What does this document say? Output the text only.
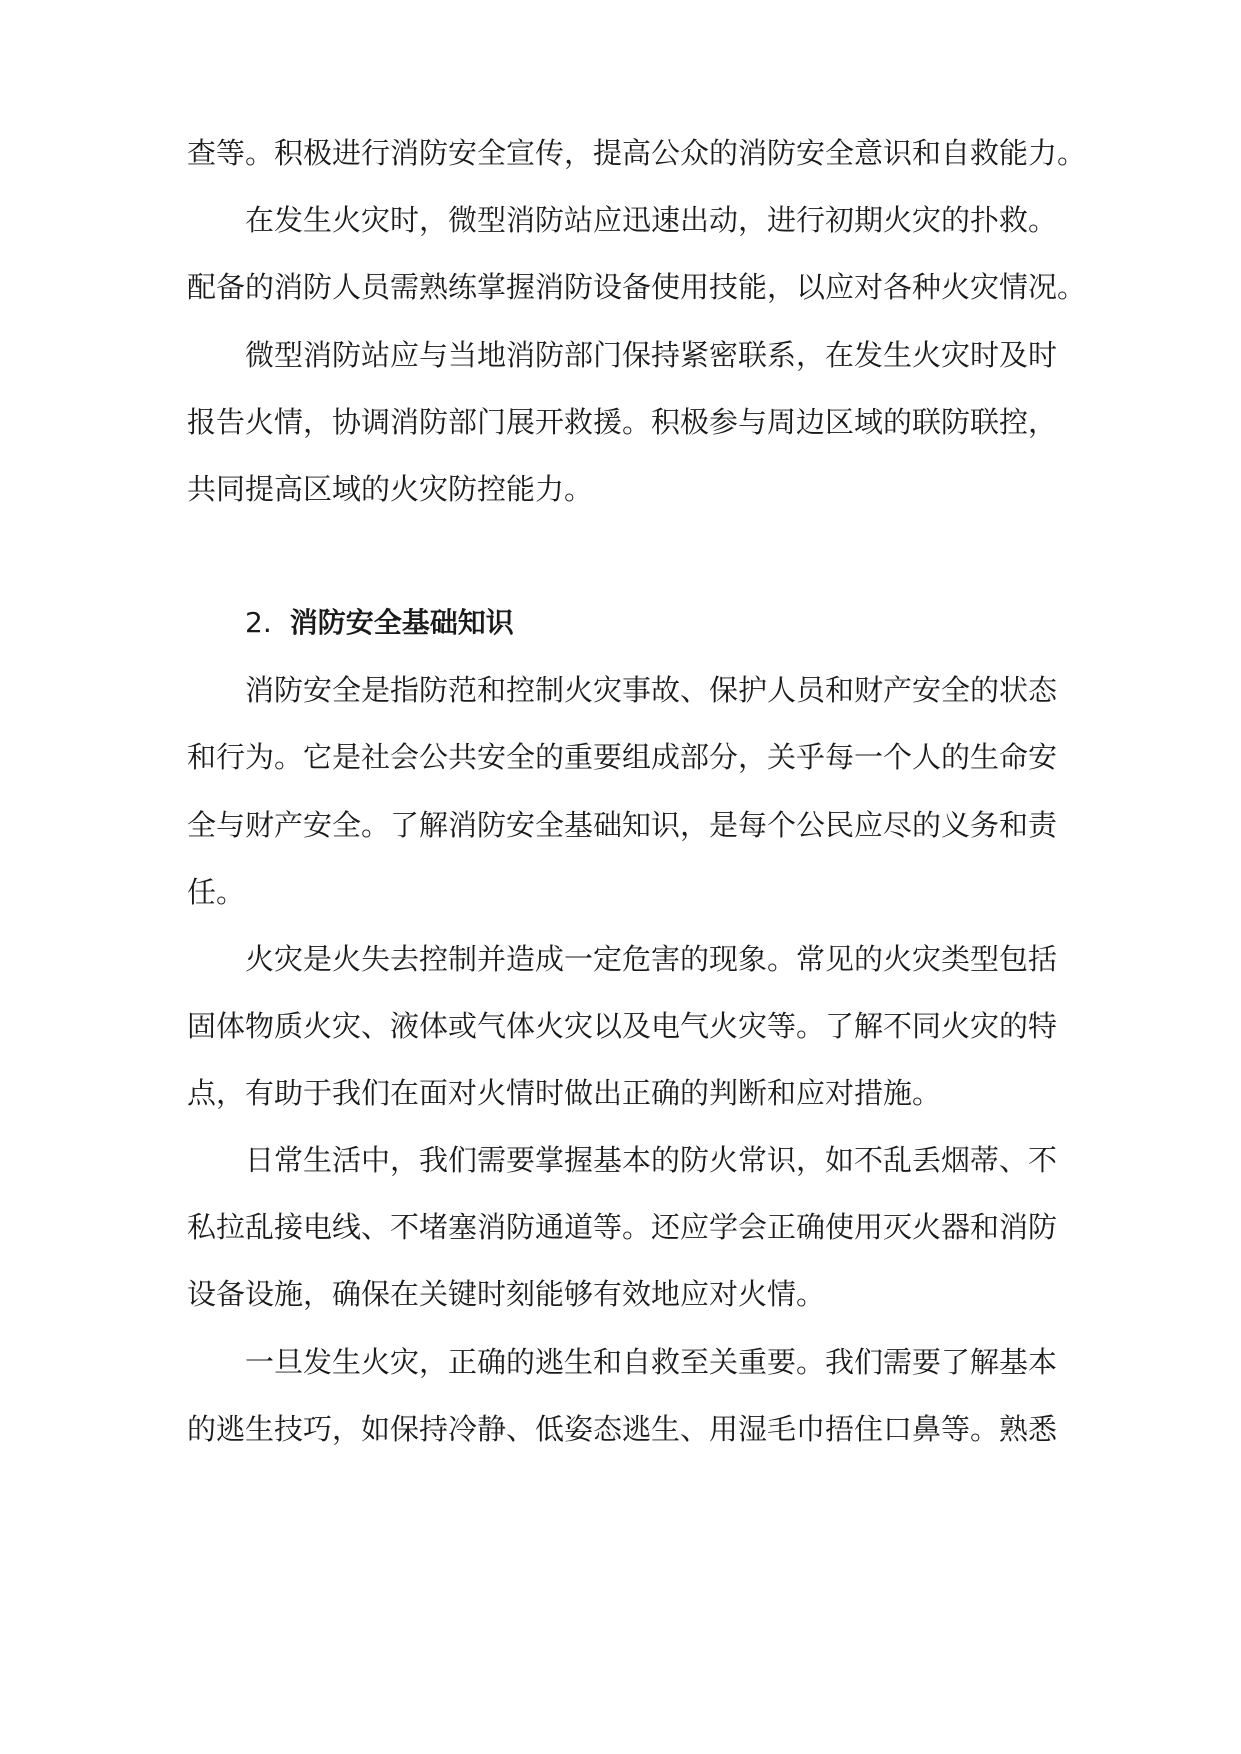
查等。积极进行消防安全宣传，提高公众的消防安全意识和自救能力。
在发生火灾时，微型消防站应迅速出动，进行初期火灾的扑救。
配备的消防人员需熟练掌握消防设备使用技能，以应对各种火灾情况。
微型消防站应与当地消防部门保持紧密联系，在发生火灾时及时
报告火情，协调消防部门展开救援。积极参与周边区域的联防联控，
共同提高区域的火灾防控能力。
2. 消防安全基础知识
消防安全是指防范和控制火灾事故、保护人员和财产安全的状态
和行为。它是社会公共安全的重要组成部分，关乎每一个人的生命安
全与财产安全。了解消防安全基础知识，是每个公民应尽的义务和责
任。
火灾是火失去控制并造成一定危害的现象。常见的火灾类型包括
固体物质火灾、液体或气体火灾以及电气火灾等。了解不同火灾的特
点，有助于我们在面对火情时做出正确的判断和应对措施。
日常生活中，我们需要掌握基本的防火常识，如不乱丢烟蒂、不
私拉乱接电线、不堵塞消防通道等。还应学会正确使用灭火器和消防
设备设施，确保在关键时刻能够有效地应对火情。
一旦发生火灾，正确的逃生和自救至关重要。我们需要了解基本
的逃生技巧，如保持冷静、低姿态逃生、用湿毛巾捂住口鼻等。熟悉
